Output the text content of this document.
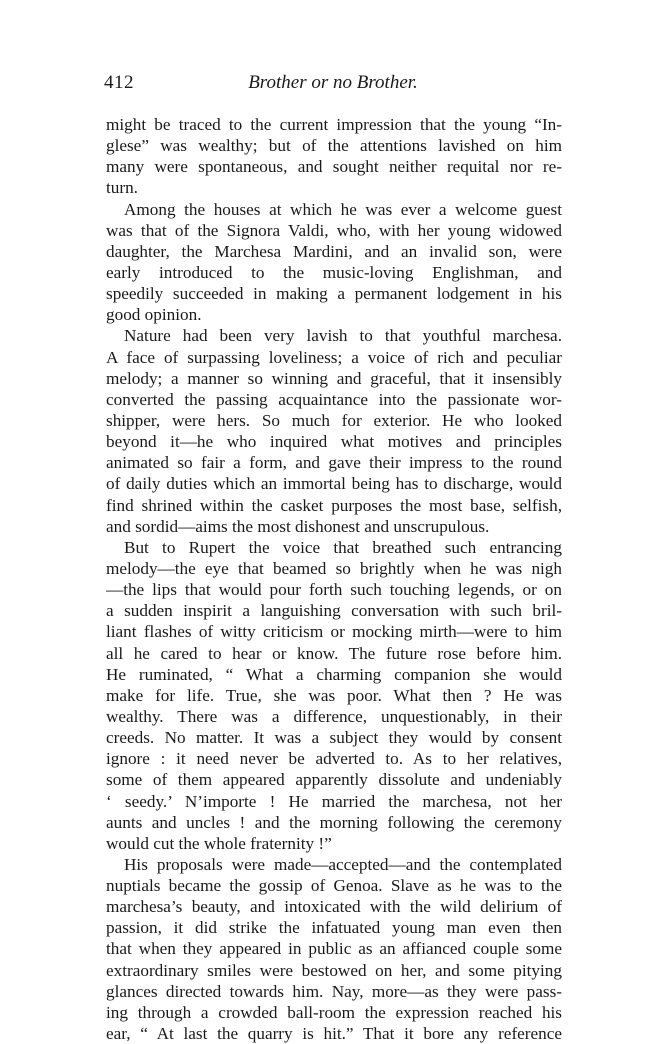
412	Brother or no Brother.
might be traced to the current impression that the young “In-
glese” was wealthy; but of the attentions lavished on him
many were spontaneous, and sought neither requital nor re-
turn.
Among the houses at which he was ever a welcome guest
was that of the Signora Valdi, who, with her young widowed
daughter, the Marchesa Mardini, and an invalid son, were
early introduced to the music-loving Englishman, and
speedily succeeded in making a permanent lodgement in his
good opinion.
Nature had been very lavish to that youthful marchesa.
A face of surpassing loveliness; a voice of rich and peculiar
melody; a manner so winning and graceful, that it insensibly
converted the passing acquaintance into the passionate wor-
shipper, were hers. So much for exterior. He who looked
beyond it—he who inquired what motives and principles
animated so fair a form, and gave their impress to the round
of daily duties which an immortal being has to discharge, would
find shrined within the casket purposes the most base, selfish,
and sordid—aims the most dishonest and unscrupulous.
But to Rupert the voice that breathed such entrancing
melody—the eye that beamed so brightly when he was nigh
—the lips that would pour forth such touching legends, or on
a sudden inspirit a languishing conversation with such bril-
liant flashes of witty criticism or mocking mirth—were to him
all he cared to hear or know. The future rose before him.
He ruminated, “ What a charming companion she would
make for life. True, she was poor. What then ? He was
wealthy. There was a difference, unquestionably, in their
creeds. No matter. It was a subject they would by consent
ignore : it need never be adverted to. As to her relatives,
some of them appeared apparently dissolute and undeniably
‘ seedy.’ N’importe ! He married the marchesa, not her
aunts and uncles ! and the morning following the ceremony
would cut the whole fraternity !”
His proposals were made—accepted—and the contemplated
nuptials became the gossip of Genoa. Slave as he was to the
marchesa’s beauty, and intoxicated with the wild delirium of
passion, it did strike the infatuated young man even then
that when they appeared in public as an affianced couple some
extraordinary smiles were bestowed on her, and some pitying
glances directed towards him. Nay, more—as they were pass-
ing through a crowded ball-room the expression reached his
ear, “ At last the quarry is hit.” That it bore any reference
